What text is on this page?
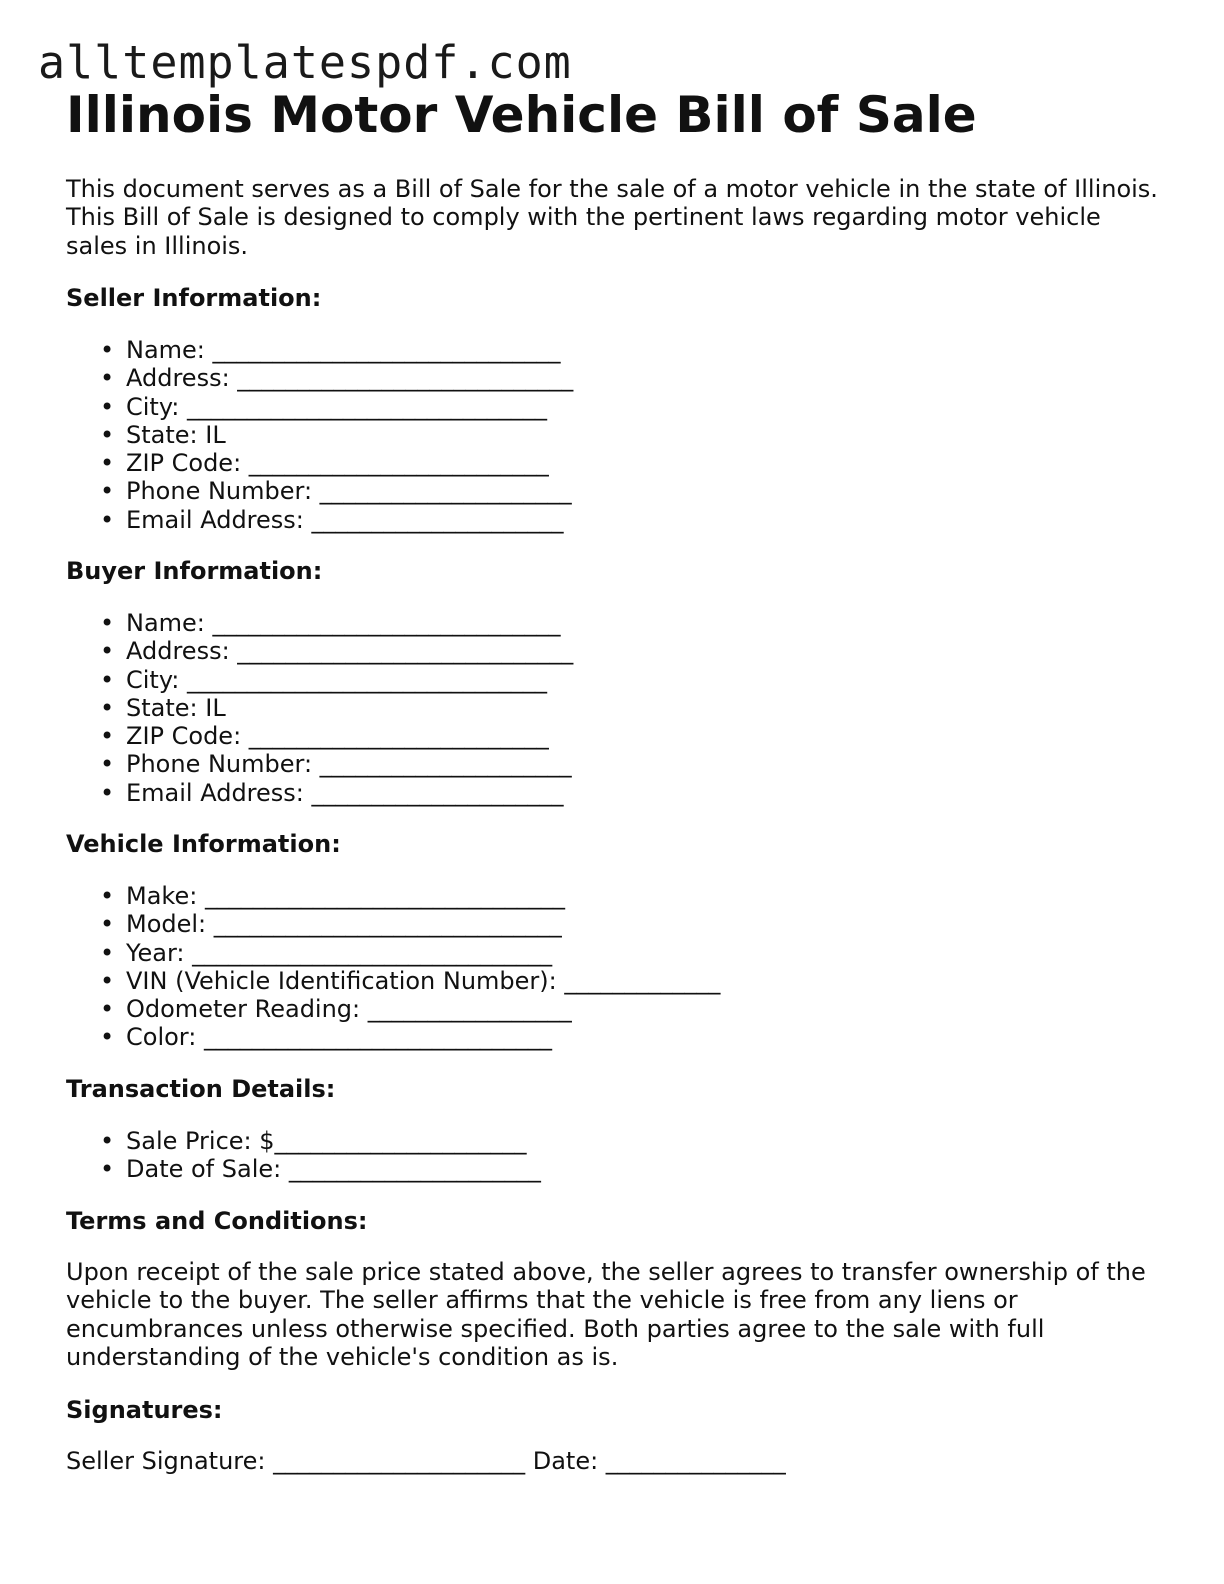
alltemplatespdf.com
Illinois Motor Vehicle Bill of Sale

This document serves as a Bill of Sale for the sale of a motor vehicle in the state of Illinois. This Bill of Sale is designed to comply with the pertinent laws regarding motor vehicle sales in Illinois.

Seller Information:
• Name: _____________________________
• Address: ____________________________
• City: ______________________________
• State: IL
• ZIP Code: _________________________
• Phone Number: _____________________
• Email Address: _____________________
Buyer Information:
• Name: _____________________________
• Address: ____________________________
• City: ______________________________
• State: IL
• ZIP Code: _________________________
• Phone Number: _____________________
• Email Address: _____________________
Vehicle Information:
• Make: ______________________________
• Model: _____________________________
• Year: ______________________________
• VIN (Vehicle Identification Number): _____________
• Odometer Reading: _________________
• Color: _____________________________
Transaction Details:
• Sale Price: $_____________________
• Date of Sale: _____________________
Terms and Conditions:

Upon receipt of the sale price stated above, the seller agrees to transfer ownership of the vehicle to the buyer. The seller affirms that the vehicle is free from any liens or encumbrances unless otherwise specified. Both parties agree to the sale with full understanding of the vehicle's condition as is.

Signatures:
Seller Signature: _____________________ Date: _______________
